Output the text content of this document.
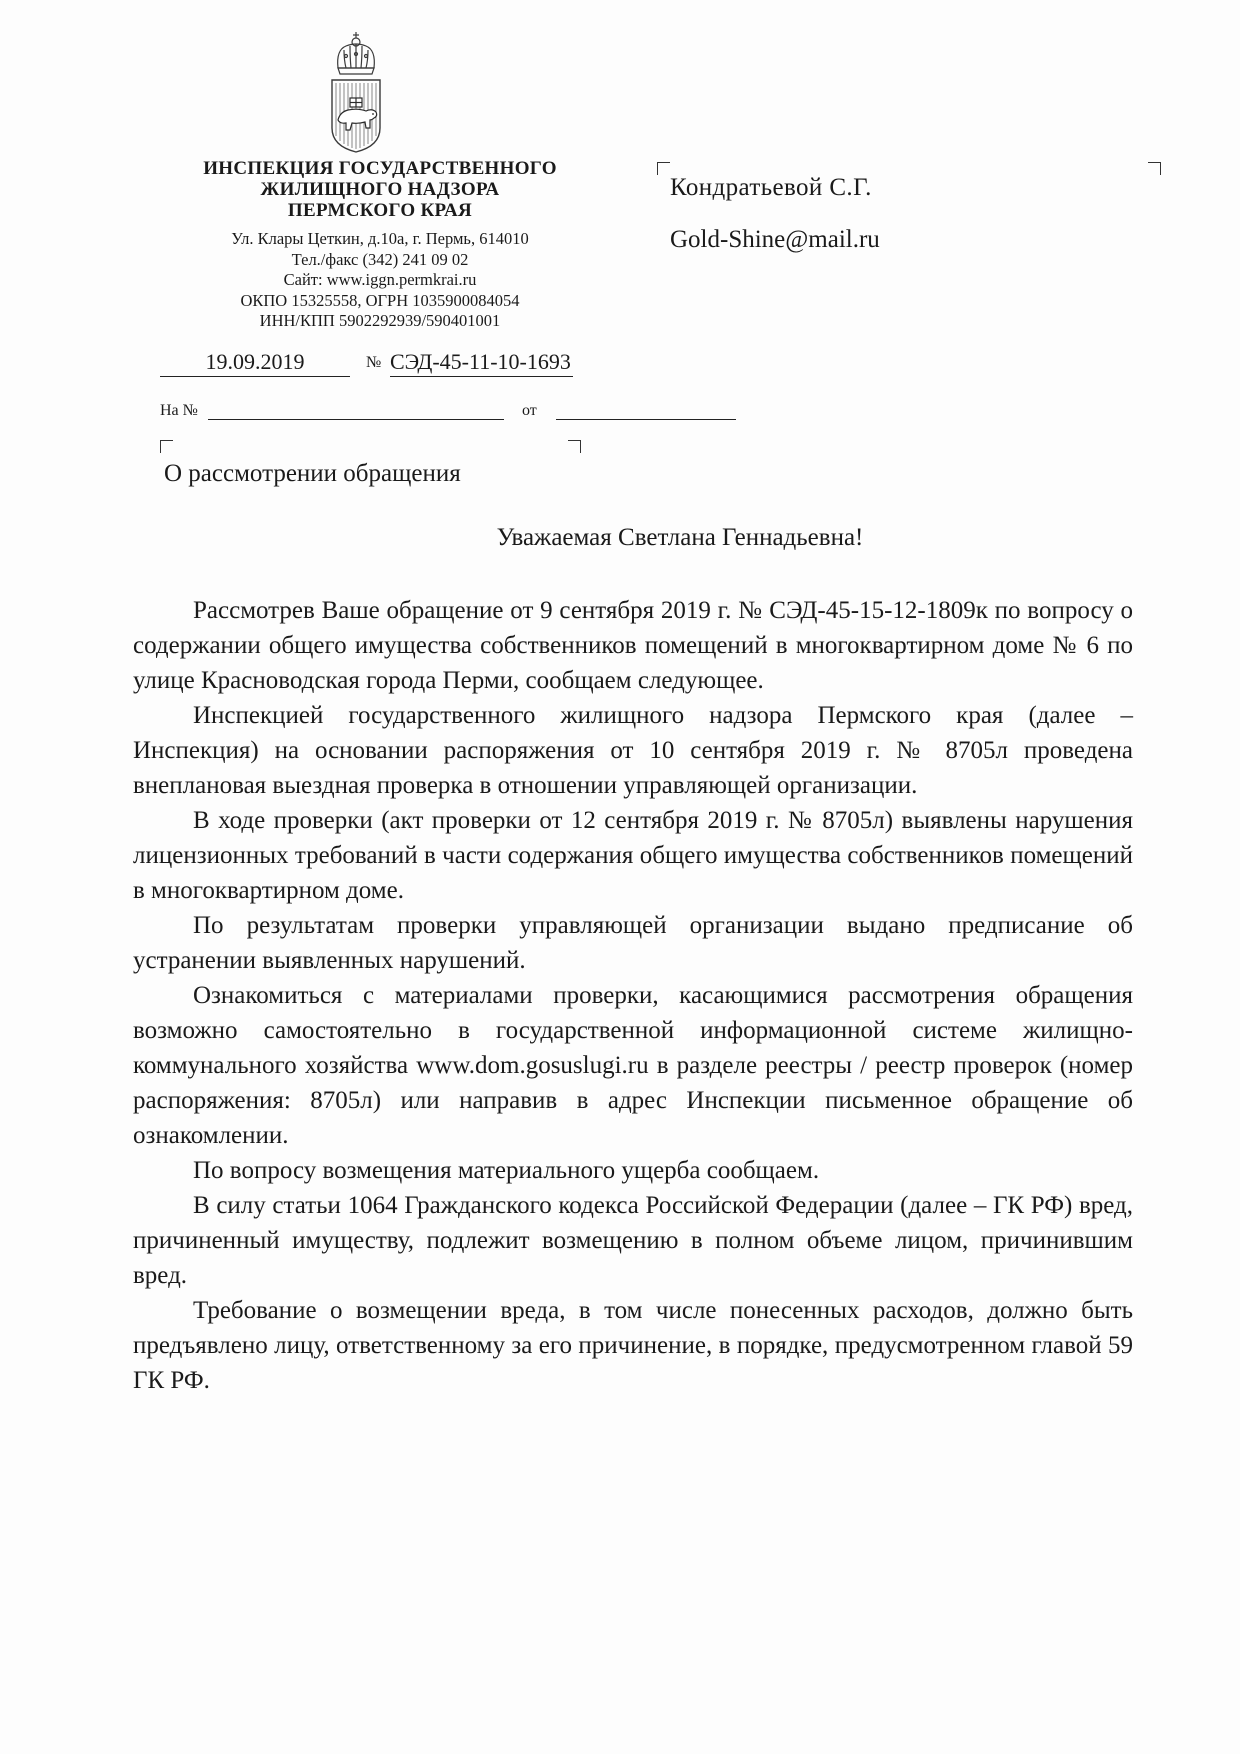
ИНСПЕКЦИЯ ГОСУДАРСТВЕННОГО
ЖИЛИЩНОГО НАДЗОРА
ПЕРМСКОГО КРАЯ
Ул. Клары Цеткин, д.10а, г. Пермь, 614010
Тел./факс (342) 241 09 02
Сайт: www.iggn.permkrai.ru
ОКПО 15325558, ОГРН 1035900084054
ИНН/КПП 5902292939/590401001
Кондратьевой С.Г.
Gold-Shine@mail.ru
19.09.2019	№ СЭД-45-11-10-1693
На №	от
О рассмотрении обращения
Уважаемая Светлана Геннадьевна!

Рассмотрев Ваше обращение от 9 сентября 2019 г. № СЭД-45-15-12-1809к по вопросу о содержании общего имущества собственников помещений в многоквартирном доме № 6 по улице Красноводская города Перми, сообщаем следующее.

Инспекцией государственного жилищного надзора Пермского края (далее – Инспекция) на основании распоряжения от 10 сентября 2019 г. № 8705л проведена внеплановая выездная проверка в отношении управляющей организации.

В ходе проверки (акт проверки от 12 сентября 2019 г. № 8705л) выявлены нарушения лицензионных требований в части содержания общего имущества собственников помещений в многоквартирном доме.

По результатам проверки управляющей организации выдано предписание об устранении выявленных нарушений.

Ознакомиться с материалами проверки, касающимися рассмотрения обращения возможно самостоятельно в государственной информационной системе жилищно-коммунального хозяйства www.dom.gosuslugi.ru в разделе реестры / реестр проверок (номер распоряжения: 8705л) или направив в адрес Инспекции письменное обращение об ознакомлении.

По вопросу возмещения материального ущерба сообщаем.

В силу статьи 1064 Гражданского кодекса Российской Федерации (далее – ГК РФ) вред, причиненный имуществу, подлежит возмещению в полном объеме лицом, причинившим вред.

Требование о возмещении вреда, в том числе понесенных расходов, должно быть предъявлено лицу, ответственному за его причинение, в порядке, предусмотренном главой 59 ГК РФ.
